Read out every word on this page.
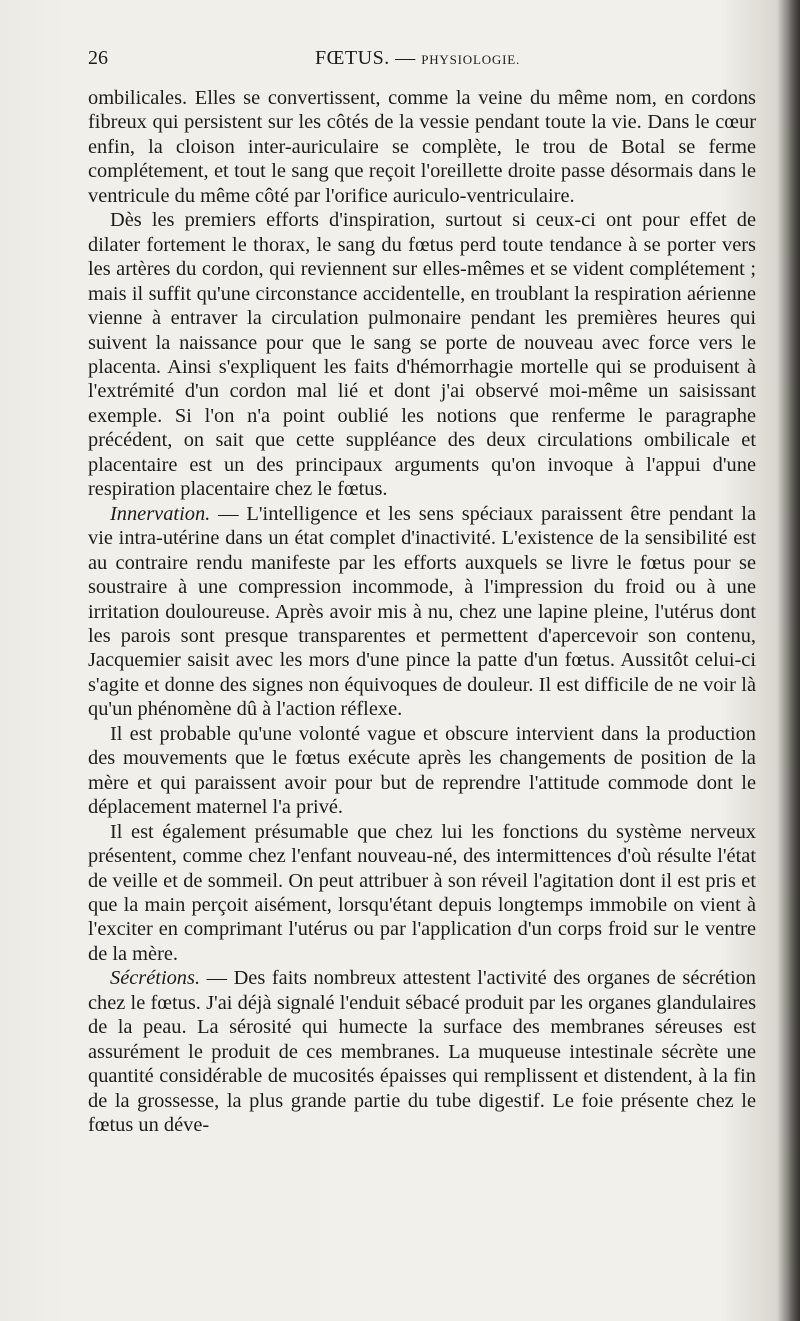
26	FŒTUS. — PHYSIOLOGIE.

ombilicales. Elles se convertissent, comme la veine du même nom, en cordons fibreux qui persistent sur les côtés de la vessie pendant toute la vie. Dans le cœur enfin, la cloison inter-auriculaire se complète, le trou de Botal se ferme complétement, et tout le sang que reçoit l'oreillette droite passe désormais dans le ventricule du même côté par l'orifice auriculo-ventriculaire.

Dès les premiers efforts d'inspiration, surtout si ceux-ci ont pour effet de dilater fortement le thorax, le sang du fœtus perd toute tendance à se porter vers les artères du cordon, qui reviennent sur elles-mêmes et se vident complétement ; mais il suffit qu'une circonstance accidentelle, en troublant la respiration aérienne vienne à entraver la circulation pulmonaire pendant les premières heures qui suivent la naissance pour que le sang se porte de nouveau avec force vers le placenta. Ainsi s'expliquent les faits d'hémorrhagie mortelle qui se produisent à l'extrémité d'un cordon mal lié et dont j'ai observé moi-même un saisissant exemple. Si l'on n'a point oublié les notions que renferme le paragraphe précédent, on sait que cette suppléance des deux circulations ombilicale et placentaire est un des principaux arguments qu'on invoque à l'appui d'une respiration placentaire chez le fœtus.

Innervation. — L'intelligence et les sens spéciaux paraissent être pendant la vie intra-utérine dans un état complet d'inactivité. L'existence de la sensibilité est au contraire rendu manifeste par les efforts auxquels se livre le fœtus pour se soustraire à une compression incommode, à l'impression du froid ou à une irritation douloureuse. Après avoir mis à nu, chez une lapine pleine, l'utérus dont les parois sont presque transparentes et permettent d'apercevoir son contenu, Jacquemier saisit avec les mors d'une pince la patte d'un fœtus. Aussitôt celui-ci s'agite et donne des signes non équivoques de douleur. Il est difficile de ne voir là qu'un phénomène dû à l'action réflexe.

Il est probable qu'une volonté vague et obscure intervient dans la production des mouvements que le fœtus exécute après les changements de position de la mère et qui paraissent avoir pour but de reprendre l'attitude commode dont le déplacement maternel l'a privé.

Il est également présumable que chez lui les fonctions du système nerveux présentent, comme chez l'enfant nouveau-né, des intermittences d'où résulte l'état de veille et de sommeil. On peut attribuer à son réveil l'agitation dont il est pris et que la main perçoit aisément, lorsqu'étant depuis longtemps immobile on vient à l'exciter en comprimant l'utérus ou par l'application d'un corps froid sur le ventre de la mère.

Sécrétions. — Des faits nombreux attestent l'activité des organes de sécrétion chez le fœtus. J'ai déjà signalé l'enduit sébacé produit par les organes glandulaires de la peau. La sérosité qui humecte la surface des membranes séreuses est assurément le produit de ces membranes. La muqueuse intestinale sécrète une quantité considérable de mucosités épaisses qui remplissent et distendent, à la fin de la grossesse, la plus grande partie du tube digestif. Le foie présente chez le fœtus un déve-
